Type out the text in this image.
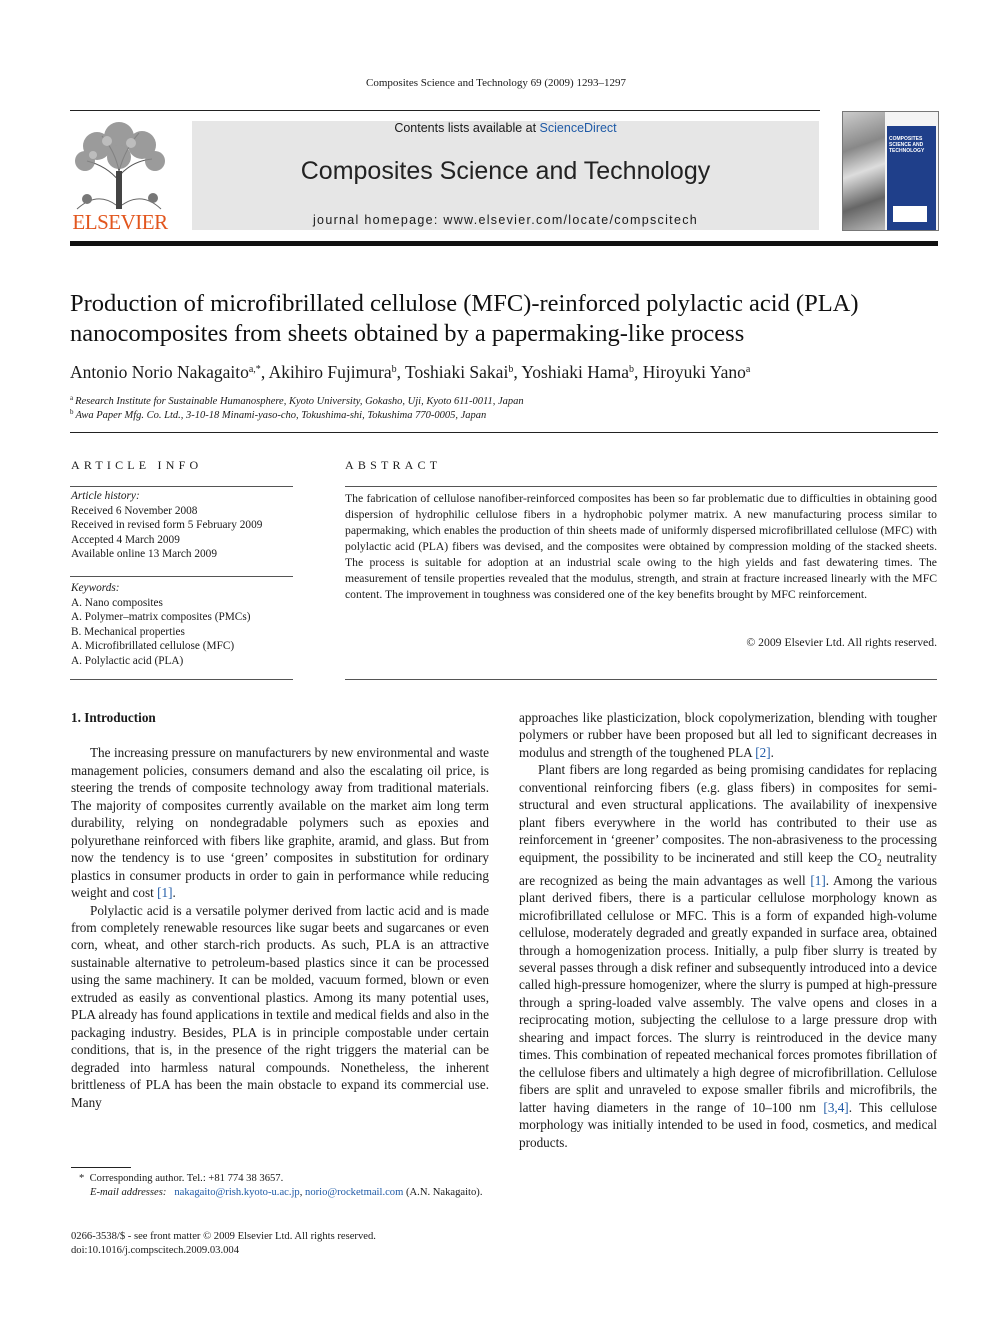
Composites Science and Technology 69 (2009) 1293–1297
ELSEVIER
Contents lists available at ScienceDirect
Composites Science and Technology
journal homepage: www.elsevier.com/locate/compscitech
COMPOSITES
SCIENCE AND
TECHNOLOGY
Production of microfibrillated cellulose (MFC)-reinforced polylactic acid (PLA)
nanocomposites from sheets obtained by a papermaking-like process
Antonio Norio Nakagaito$^{a,*}$, Akihiro Fujimura$^b$, Toshiaki Sakai$^b$, Yoshiaki Hama$^b$, Hiroyuki Yano$^a$
$^a$ Research Institute for Sustainable Humanosphere, Kyoto University, Gokasho, Uji, Kyoto 611-0011, Japan
$^b$ Awa Paper Mfg. Co. Ltd., 3-10-18 Minami-yaso-cho, Tokushima-shi, Tokushima 770-0005, Japan
ARTICLE INFO
Article history:
Received 6 November 2008
Received in revised form 5 February 2009
Accepted 4 March 2009
Available online 13 March 2009
Keywords:
A. Nano composites
A. Polymer–matrix composites (PMCs)
B. Mechanical properties
A. Microfibrillated cellulose (MFC)
A. Polylactic acid (PLA)
ABSTRACT
The fabrication of cellulose nanofiber-reinforced composites has been so far problematic due to difficulties in obtaining good dispersion of hydrophilic cellulose fibers in a hydrophobic polymer matrix. A new manufacturing process similar to papermaking, which enables the production of thin sheets made of uniformly dispersed microfibrillated cellulose (MFC) with polylactic acid (PLA) fibers was devised, and the composites were obtained by compression molding of the stacked sheets. The process is suitable for adoption at an industrial scale owing to the high yields and fast dewatering times. The measurement of tensile properties revealed that the modulus, strength, and strain at fracture increased linearly with the MFC content. The improvement in toughness was considered one of the key benefits brought by MFC reinforcement.
© 2009 Elsevier Ltd. All rights reserved.

1. Introduction

The increasing pressure on manufacturers by new environmental and waste management policies, consumers demand and also the escalating oil price, is steering the trends of composite technology away from traditional materials. The majority of composites currently available on the market aim long term durability, relying on nondegradable polymers such as epoxies and polyurethane reinforced with fibers like graphite, aramid, and glass. But from now the tendency is to use ‘green’ composites in substitution for ordinary plastics in consumer products in order to gain in performance while reducing weight and cost [1].

Polylactic acid is a versatile polymer derived from lactic acid and is made from completely renewable resources like sugar beets and sugarcanes or even corn, wheat, and other starch-rich products. As such, PLA is an attractive sustainable alternative to petroleum-based plastics since it can be processed using the same machinery. It can be molded, vacuum formed, blown or even extruded as easily as conventional plastics. Among its many potential uses, PLA already has found applications in textile and medical fields and also in the packaging industry. Besides, PLA is in principle compostable under certain conditions, that is, in the presence of the right triggers the material can be degraded into harmless natural compounds. Nonetheless, the inherent brittleness of PLA has been the main obstacle to expand its commercial use. Many

approaches like plasticization, block copolymerization, blending with tougher polymers or rubber have been proposed but all led to significant decreases in modulus and strength of the toughened PLA [2].

Plant fibers are long regarded as being promising candidates for replacing conventional reinforcing fibers (e.g. glass fibers) in composites for semi-structural and even structural applications. The availability of inexpensive plant fibers everywhere in the world has contributed to their use as reinforcement in ‘greener’ composites. The non-abrasiveness to the processing equipment, the possibility to be incinerated and still keep the $CO_2$ neutrality are recognized as being the main advantages as well [1]. Among the various plant derived fibers, there is a particular cellulose morphology known as microfibrillated cellulose or MFC. This is a form of expanded high-volume cellulose, moderately degraded and greatly expanded in surface area, obtained through a homogenization process. Initially, a pulp fiber slurry is treated by several passes through a disk refiner and subsequently introduced into a device called high-pressure homogenizer, where the slurry is pumped at high-pressure through a spring-loaded valve assembly. The valve opens and closes in a reciprocating motion, subjecting the cellulose to a large pressure drop with shearing and impact forces. The slurry is reintroduced in the device many times. This combination of repeated mechanical forces promotes fibrillation of the cellulose fibers and ultimately a high degree of microfibrillation. Cellulose fibers are split and unraveled to expose smaller fibrils and microfibrils, the latter having diameters in the range of 10–100 nm [3,4]. This cellulose morphology was initially intended to be used in food, cosmetics, and medical products.

* Corresponding author. Tel.: +81 774 38 3657.
E-mail addresses: nakagaito@rish.kyoto-u.ac.jp, norio@rocketmail.com (A.N. Nakagaito).
0266-3538/$ - see front matter © 2009 Elsevier Ltd. All rights reserved.
doi:10.1016/j.compscitech.2009.03.004
